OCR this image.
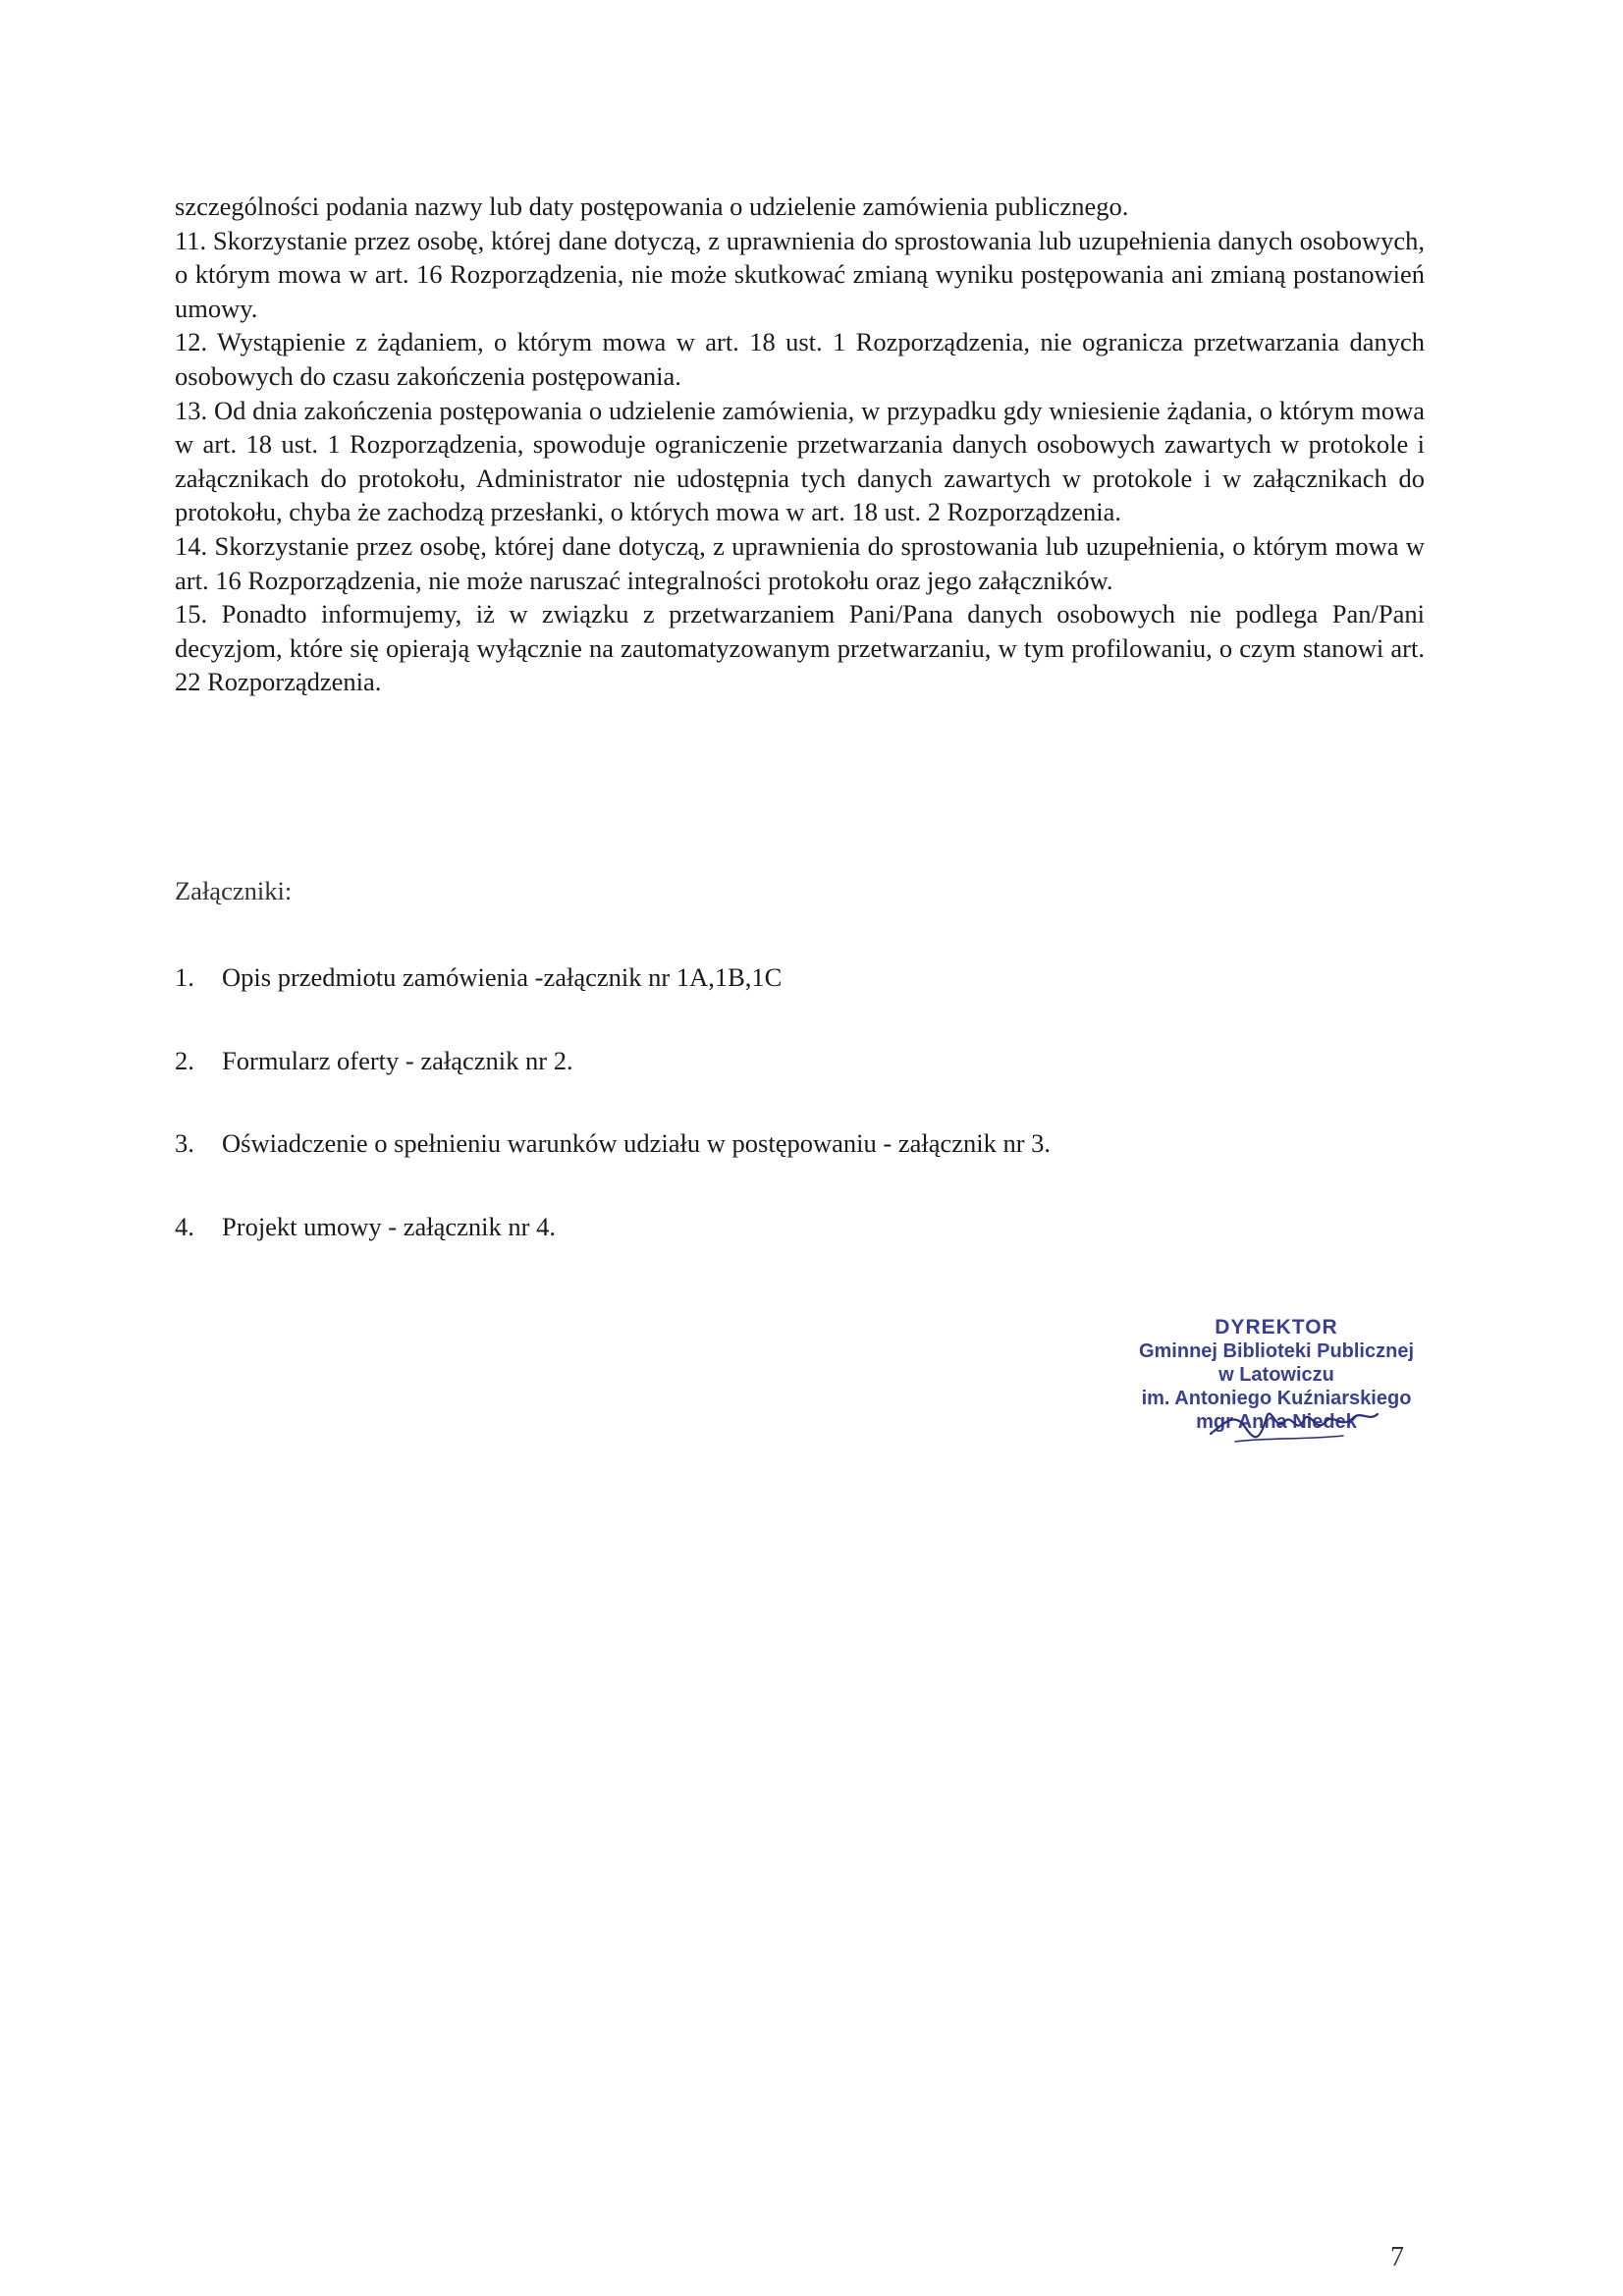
szczególności podania nazwy lub daty postępowania o udzielenie zamówienia publicznego.

11. Skorzystanie przez osobę, której dane dotyczą, z uprawnienia do sprostowania lub uzupełnienia danych osobowych, o którym mowa w art. 16 Rozporządzenia, nie może skutkować zmianą wyniku postępowania ani zmianą postanowień umowy.

12. Wystąpienie z żądaniem, o którym mowa w art. 18 ust. 1 Rozporządzenia, nie ogranicza przetwarzania danych osobowych do czasu zakończenia postępowania.

13. Od dnia zakończenia postępowania o udzielenie zamówienia, w przypadku gdy wniesienie żądania, o którym mowa w art. 18 ust. 1 Rozporządzenia, spowoduje ograniczenie przetwarzania danych osobowych zawartych w protokole i załącznikach do protokołu, Administrator nie udostępnia tych danych zawartych w protokole i w załącznikach do protokołu, chyba że zachodzą przesłanki, o których mowa w art. 18 ust. 2 Rozporządzenia.

14. Skorzystanie przez osobę, której dane dotyczą, z uprawnienia do sprostowania lub uzupełnienia, o którym mowa w art. 16 Rozporządzenia, nie może naruszać integralności protokołu oraz jego załączników.

15. Ponadto informujemy, iż w związku z przetwarzaniem Pani/Pana danych osobowych nie podlega Pan/Pani decyzjom, które się opierają wyłącznie na zautomatyzowanym przetwarzaniu, w tym profilowaniu, o czym stanowi art. 22 Rozporządzenia.

Załączniki:
1. Opis przedmiotu zamówienia -załącznik nr 1A,1B,1C
2. Formularz oferty - załącznik nr 2.
3. Oświadczenie o spełnieniu warunków udziału w postępowaniu - załącznik nr 3.
4. Projekt umowy - załącznik nr 4.
DYREKTOR
Gminnej Biblioteki Publicznej
w Latowiczu
im. Antoniego Kuźniarskiego
mgr Anna Niedek
7
